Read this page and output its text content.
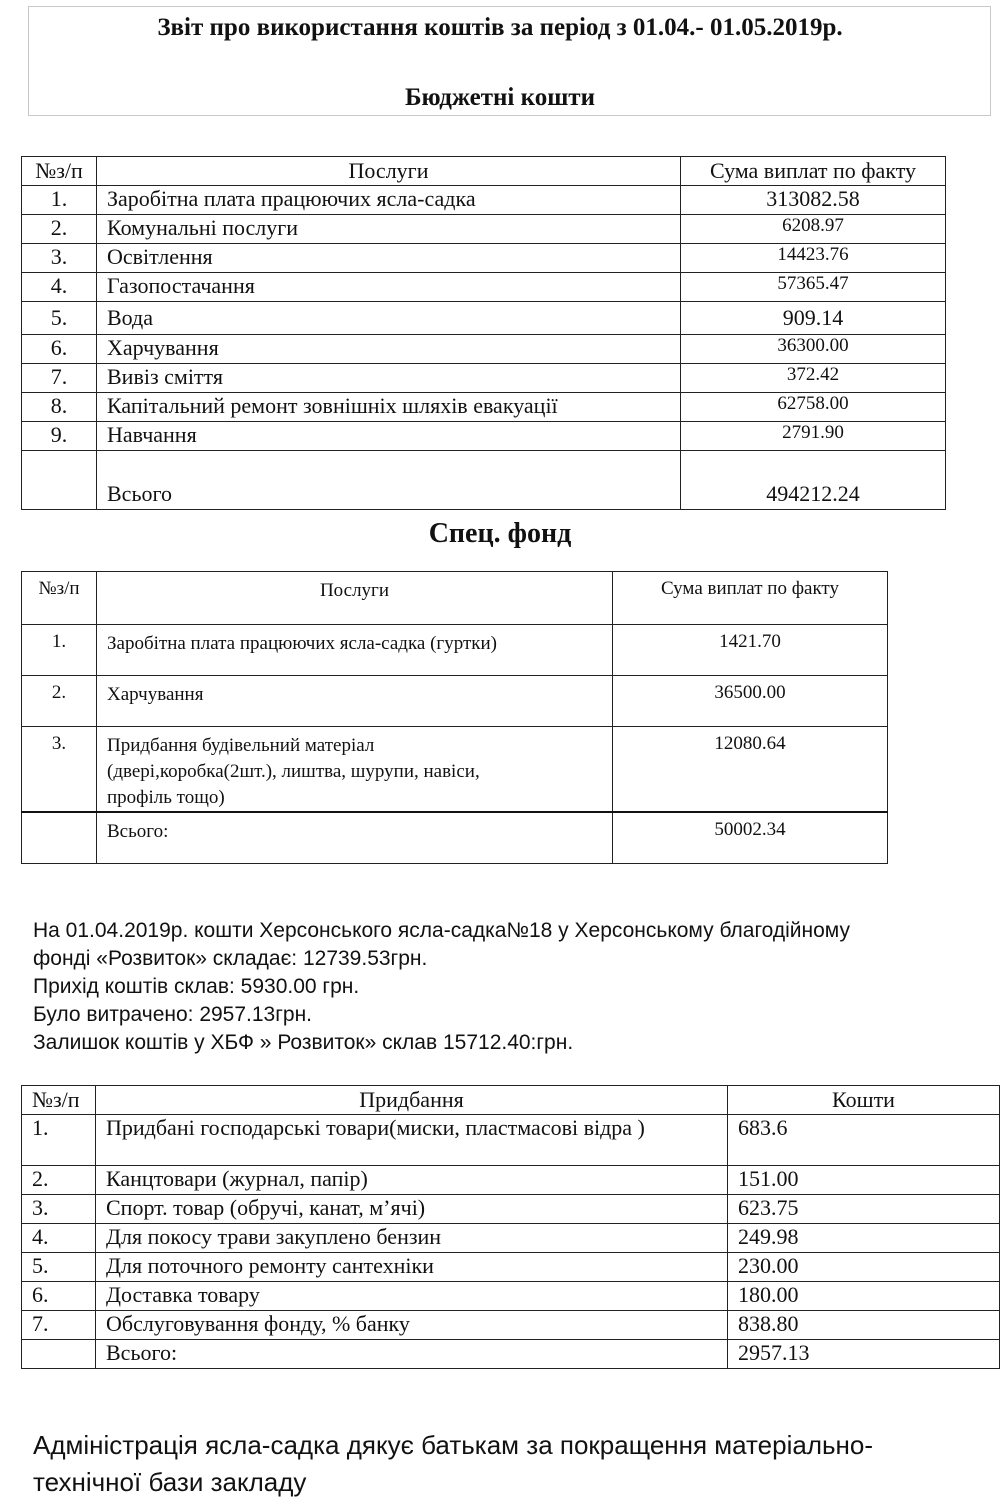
Звіт про використання коштів за період з 01.04.- 01.05.2019р.
Бюджетні кошти
№з/п	Послуги	Сума виплат по факту
1.	Заробітна плата працюючих ясла-садка	313082.58
2.	Комунальні послуги	6208.97
3.	Освітлення	14423.76
4.	Газопостачання	57365.47
5.	Вода	909.14
6.	Харчування	36300.00
7.	Вивіз сміття	372.42
8.	Капітальний ремонт зовнішніх шляхів евакуації	62758.00
9.	Навчання	2791.90
	Всього	494212.24
Спец. фонд
№з/п	Послуги	Сума виплат по факту
1.	Заробітна плата працюючих ясла-садка (гуртки)	1421.70
2.	Харчування	36500.00
3.	Придбання будівельний матеріал
(двері,коробка(2шт.), лиштва, шурупи, навіси,
профіль тощо)	12080.64
	Всього:	50002.34
На 01.04.2019р. кошти Херсонського ясла-садка№18 у Херсонському благодійному
фонді «Розвиток» складає: 12739.53грн.
Прихід коштів склав: 5930.00 грн.
Було витрачено: 2957.13грн.
Залишок коштів у ХБФ » Розвиток» склав 15712.40:грн.
№з/п	Придбання	Кошти
1.	Придбані господарські товари(миски, пластмасові відра )	683.6
2.	Канцтовари (журнал, папір)	151.00
3.	Спорт. товар (обручі, канат, м’ячі)	623.75
4.	Для покосу трави закуплено бензин	249.98
5.	Для поточного ремонту сантехніки	230.00
6.	Доставка товару	180.00
7.	Обслуговування фонду, % банку	838.80
	Всього:	2957.13
Адміністрація ясла-садка дякує батькам за покращення матеріально-
технічної бази закладу
